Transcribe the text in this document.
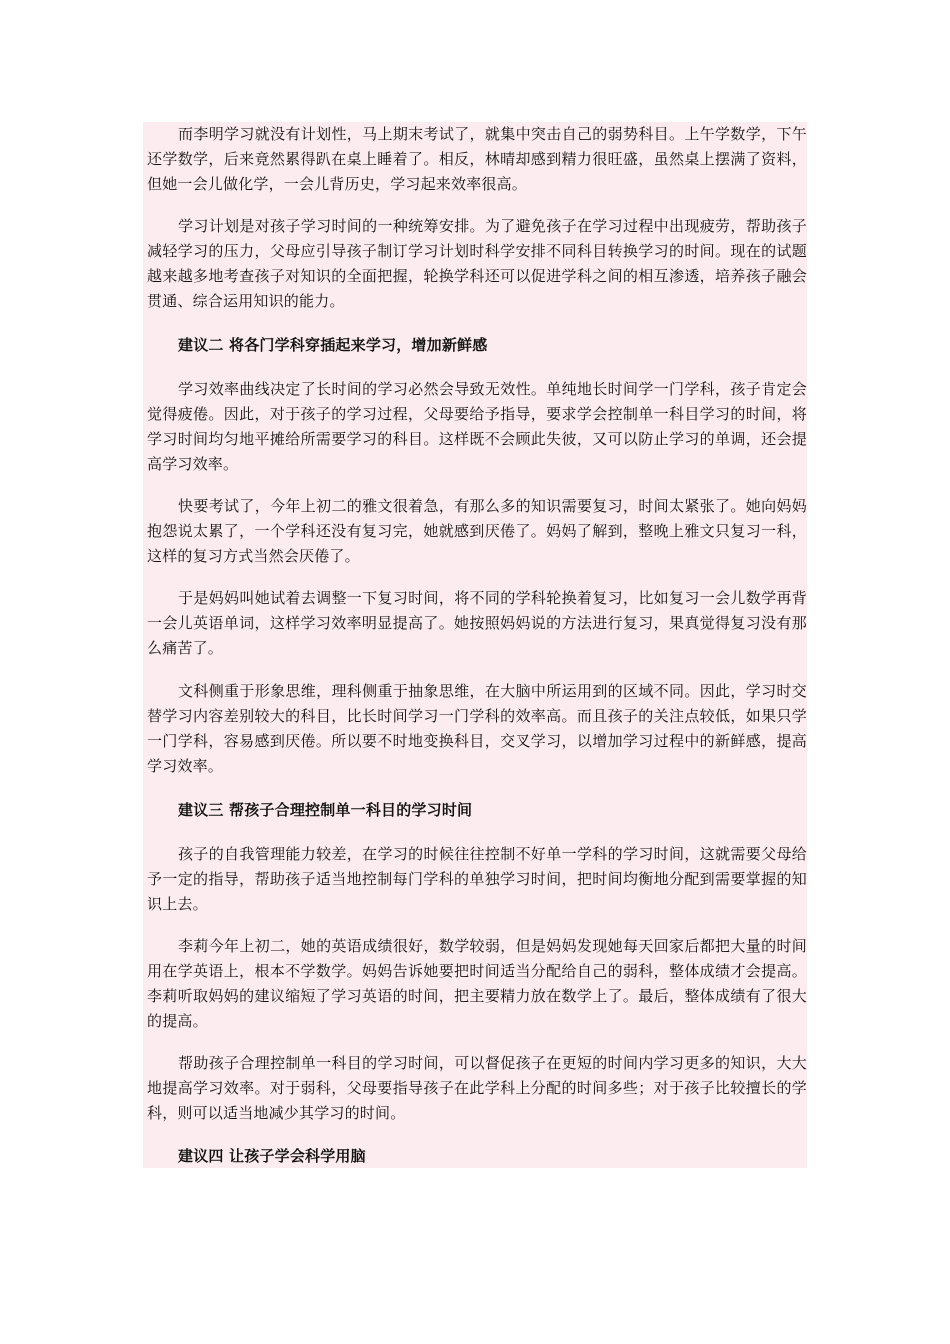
而李明学习就没有计划性，马上期末考试了，就集中突击自己的弱势科目。上午学数学，下午还学数学，后来竟然累得趴在桌上睡着了。相反，林晴却感到精力很旺盛，虽然桌上摆满了资料，但她一会儿做化学，一会儿背历史，学习起来效率很高。
学习计划是对孩子学习时间的一种统筹安排。为了避免孩子在学习过程中出现疲劳，帮助孩子减轻学习的压力，父母应引导孩子制订学习计划时科学安排不同科目转换学习的时间。现在的试题越来越多地考查孩子对知识的全面把握，轮换学科还可以促进学科之间的相互渗透，培养孩子融会贯通、综合运用知识的能力。
建议二 将各门学科穿插起来学习，增加新鲜感
学习效率曲线决定了长时间的学习必然会导致无效性。单纯地长时间学一门学科，孩子肯定会觉得疲倦。因此，对于孩子的学习过程，父母要给予指导，要求学会控制单一科目学习的时间，将学习时间均匀地平摊给所需要学习的科目。这样既不会顾此失彼，又可以防止学习的单调，还会提高学习效率。
快要考试了，今年上初二的雅文很着急，有那么多的知识需要复习，时间太紧张了。她向妈妈抱怨说太累了，一个学科还没有复习完，她就感到厌倦了。妈妈了解到，整晚上雅文只复习一科，这样的复习方式当然会厌倦了。
于是妈妈叫她试着去调整一下复习时间，将不同的学科轮换着复习，比如复习一会儿数学再背一会儿英语单词，这样学习效率明显提高了。她按照妈妈说的方法进行复习，果真觉得复习没有那么痛苦了。
文科侧重于形象思维，理科侧重于抽象思维，在大脑中所运用到的区域不同。因此，学习时交替学习内容差别较大的科目，比长时间学习一门学科的效率高。而且孩子的关注点较低，如果只学一门学科，容易感到厌倦。所以要不时地变换科目，交叉学习，以增加学习过程中的新鲜感，提高学习效率。
建议三 帮孩子合理控制单一科目的学习时间
孩子的自我管理能力较差，在学习的时候往往控制不好单一学科的学习时间，这就需要父母给予一定的指导，帮助孩子适当地控制每门学科的单独学习时间，把时间均衡地分配到需要掌握的知识上去。
李莉今年上初二，她的英语成绩很好，数学较弱，但是妈妈发现她每天回家后都把大量的时间用在学英语上，根本不学数学。妈妈告诉她要把时间适当分配给自己的弱科，整体成绩才会提高。李莉听取妈妈的建议缩短了学习英语的时间，把主要精力放在数学上了。最后，整体成绩有了很大的提高。
帮助孩子合理控制单一科目的学习时间，可以督促孩子在更短的时间内学习更多的知识，大大地提高学习效率。对于弱科，父母要指导孩子在此学科上分配的时间多些；对于孩子比较擅长的学科，则可以适当地减少其学习的时间。
建议四 让孩子学会科学用脑
